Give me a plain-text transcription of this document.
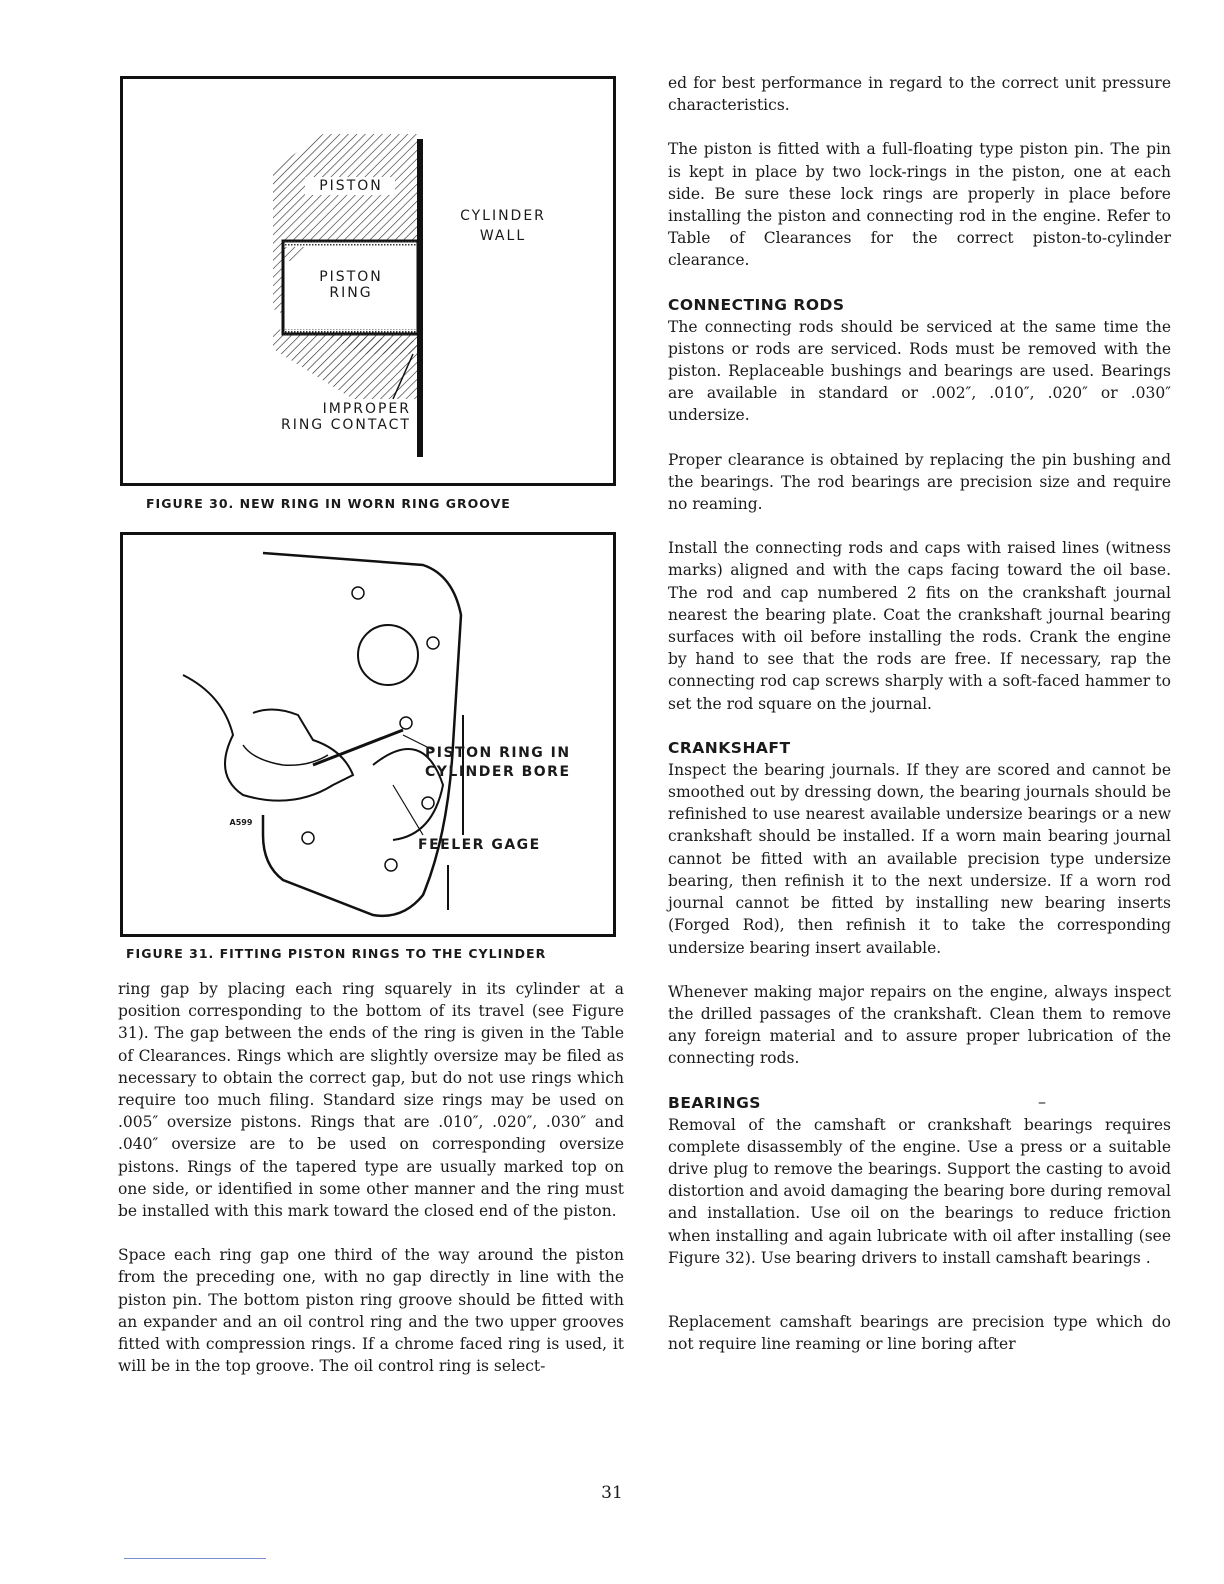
PISTON
CYLINDER
WALL
PISTON
RING
IMPROPER
RING CONTACT

FIGURE 30. NEW RING IN WORN RING GROOVE

PISTON RING IN
CYLINDER BORE
FEELER GAGE
A599

FIGURE 31. FITTING PISTON RINGS TO THE CYLINDER

ring gap by placing each ring squarely in its cylinder at a position corresponding to the bottom of its travel (see Figure 31). The gap between the ends of the ring is given in the Table of Clearances. Rings which are slightly oversize may be filed as necessary to obtain the correct gap, but do not use rings which require too much filing. Standard size rings may be used on .005″ oversize pistons. Rings that are .010″, .020″, .030″ and .040″ oversize are to be used on corresponding oversize pistons. Rings of the tapered type are usually marked top on one side, or identified in some other manner and the ring must be installed with this mark toward the closed end of the piston.

Space each ring gap one third of the way around the piston from the preceding one, with no gap directly in line with the piston pin. The bottom piston ring groove should be fitted with an expander and an oil control ring and the two upper grooves fitted with compression rings. If a chrome faced ring is used, it will be in the top groove. The oil control ring is select-

ed for best performance in regard to the correct unit pressure characteristics.

The piston is fitted with a full-floating type piston pin. The pin is kept in place by two lock-rings in the piston, one at each side. Be sure these lock rings are properly in place before installing the piston and connecting rod in the engine. Refer to Table of Clearances for the correct piston-to-cylinder clearance.

CONNECTING RODS

The connecting rods should be serviced at the same time the pistons or rods are serviced. Rods must be removed with the piston. Replaceable bushings and bearings are used. Bearings are available in standard or .002″, .010″, .020″ or .030″ undersize.

Proper clearance is obtained by replacing the pin bushing and the bearings. The rod bearings are precision size and require no reaming.

Install the connecting rods and caps with raised lines (witness marks) aligned and with the caps facing toward the oil base. The rod and cap numbered 2 fits on the crankshaft journal nearest the bearing plate. Coat the crankshaft journal bearing surfaces with oil before installing the rods. Crank the engine by hand to see that the rods are free. If necessary, rap the connecting rod cap screws sharply with a soft-faced hammer to set the rod square on the journal.

CRANKSHAFT

Inspect the bearing journals. If they are scored and cannot be smoothed out by dressing down, the bearing journals should be refinished to use nearest available undersize bearings or a new crankshaft should be installed. If a worn main bearing journal cannot be fitted with an available precision type undersize bearing, then refinish it to the next undersize. If a worn rod journal cannot be fitted by installing new bearing inserts (Forged Rod), then refinish it to take the corresponding undersize bearing insert available.

Whenever making major repairs on the engine, always inspect the drilled passages of the crankshaft. Clean them to remove any foreign material and to assure proper lubrication of the connecting rods.

BEARINGS	–

Removal of the camshaft or crankshaft bearings requires complete disassembly of the engine. Use a press or a suitable drive plug to remove the bearings. Support the casting to avoid distortion and avoid damaging the bearing bore during removal and installation. Use oil on the bearings to reduce friction when installing and again lubricate with oil after installing (see Figure 32). Use bearing drivers to install camshaft bearings .

Replacement camshaft bearings are precision type which do not require line reaming or line boring after

31
